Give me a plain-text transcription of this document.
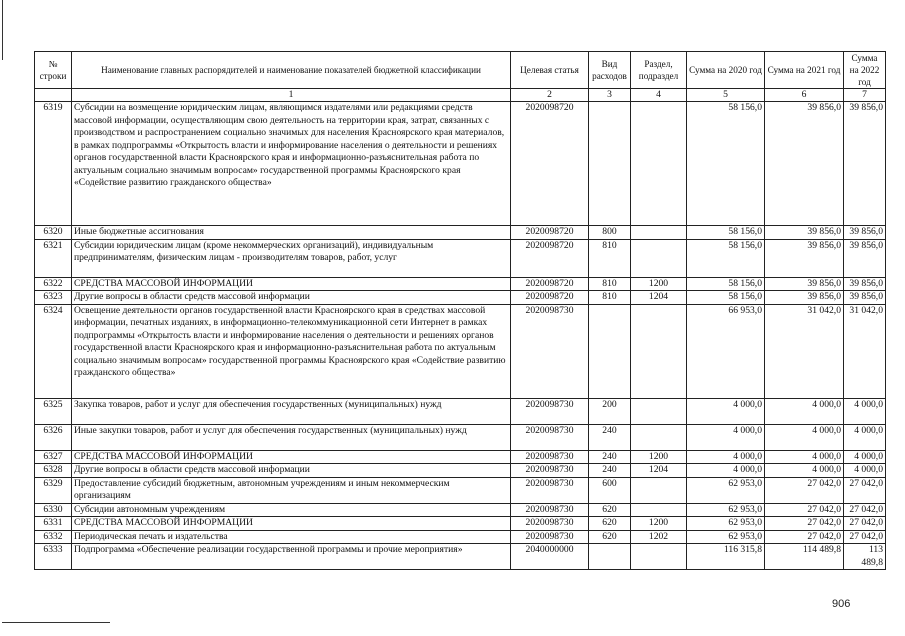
№ строки	Наименование главных распорядителей и наименование показателей бюджетной классификации	Целевая статья	Вид расходов	Раздел, подраздел	Сумма на 2020 год	Сумма на 2021 год	Сумма на 2022 год
	1	2	3	4	5	6	7
6319	Субсидии на возмещение юридическим лицам, являющимся издателями или редакциями средств массовой информации, осуществляющим свою деятельность на территории края, затрат, связанных с производством и распространением социально значимых для населения Красноярского края материалов, в рамках подпрограммы «Открытость власти и информирование населения о деятельности и решениях органов государственной власти Красноярского края и информационно-разъяснительная работа по актуальным социально значимым вопросам» государственной программы Красноярского края «Содействие развитию гражданского общества»	2020098720			58 156,0	39 856,0	39 856,0
6320	Иные бюджетные ассигнования	2020098720	800		58 156,0	39 856,0	39 856,0
6321	Субсидии юридическим лицам (кроме некоммерческих организаций), индивидуальным предпринимателям, физическим лицам - производителям товаров, работ, услуг	2020098720	810		58 156,0	39 856,0	39 856,0
6322	СРЕДСТВА МАССОВОЙ ИНФОРМАЦИИ	2020098720	810	1200	58 156,0	39 856,0	39 856,0
6323	Другие вопросы в области средств массовой информации	2020098720	810	1204	58 156,0	39 856,0	39 856,0
6324	Освещение деятельности органов государственной власти Красноярского края в средствах массовой информации, печатных изданиях, в информационно-телекоммуникационной сети Интернет в рамках подпрограммы «Открытость власти и информирование населения о деятельности и решениях органов государственной власти Красноярского края и информационно-разъяснительная работа по актуальным социально значимым вопросам» государственной программы Красноярского края «Содействие развитию гражданского общества»	2020098730			66 953,0	31 042,0	31 042,0
6325	Закупка товаров, работ и услуг для обеспечения государственных (муниципальных) нужд	2020098730	200		4 000,0	4 000,0	4 000,0
6326	Иные закупки товаров, работ и услуг для обеспечения государственных (муниципальных) нужд	2020098730	240		4 000,0	4 000,0	4 000,0
6327	СРЕДСТВА МАССОВОЙ ИНФОРМАЦИИ	2020098730	240	1200	4 000,0	4 000,0	4 000,0
6328	Другие вопросы в области средств массовой информации	2020098730	240	1204	4 000,0	4 000,0	4 000,0
6329	Предоставление субсидий бюджетным, автономным учреждениям и иным некоммерческим организациям	2020098730	600		62 953,0	27 042,0	27 042,0
6330	Субсидии автономным учреждениям	2020098730	620		62 953,0	27 042,0	27 042,0
6331	СРЕДСТВА МАССОВОЙ ИНФОРМАЦИИ	2020098730	620	1200	62 953,0	27 042,0	27 042,0
6332	Периодическая печать и издательства	2020098730	620	1202	62 953,0	27 042,0	27 042,0
6333	Подпрограмма «Обеспечение реализации государственной программы и прочие мероприятия»	2040000000			116 315,8	114 489,8	113 489,8
906
